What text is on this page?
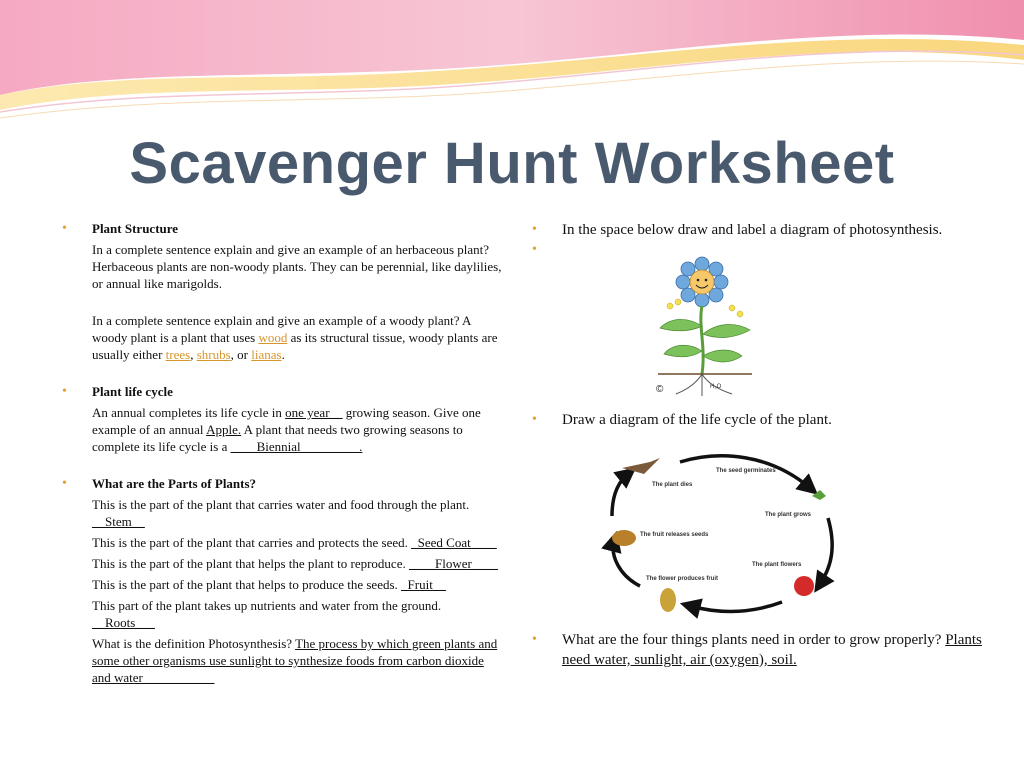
Scavenger Hunt Worksheet

• Plant Structure

In a complete sentence explain and give an example of an herbaceous plant? Herbaceous plants are non-woody plants. They can be perennial, like daylilies, or annual like marigolds.

In a complete sentence explain and give an example of a woody plant? A woody plant is a plant that uses wood as its structural tissue, woody plants are usually either trees, shrubs, or lianas.

• Plant life cycle

An annual completes its life cycle in one year__ growing season. Give one example of an annual Apple. A plant that needs two growing seasons to complete its life cycle is a ____Biennial_________.

• What are the Parts of Plants?

This is the part of the plant that carries water and food through the plant. __Stem__

This is the part of the plant that carries and protects the seed. _Seed Coat____

This is the part of the plant that helps the plant to reproduce. ____Flower____

This is the part of the plant that helps to produce the seeds. _Fruit__

This part of the plant takes up nutrients and water from the ground. __Roots___

What is the definition Photosynthesis? The process by which green plants and some other organisms use sunlight to synthesize foods from carbon dioxide and water___________

• In the space below draw and label a diagram of photosynthesis.

•
H₂O
©

• Draw a diagram of the life cycle of the plant.

The seed germinates
The plant grows
The plant flowers
The flower produces fruit
The fruit releases seeds
The plant dies

• What are the four things plants need in order to grow properly? Plants need water, sunlight, air (oxygen), soil.
